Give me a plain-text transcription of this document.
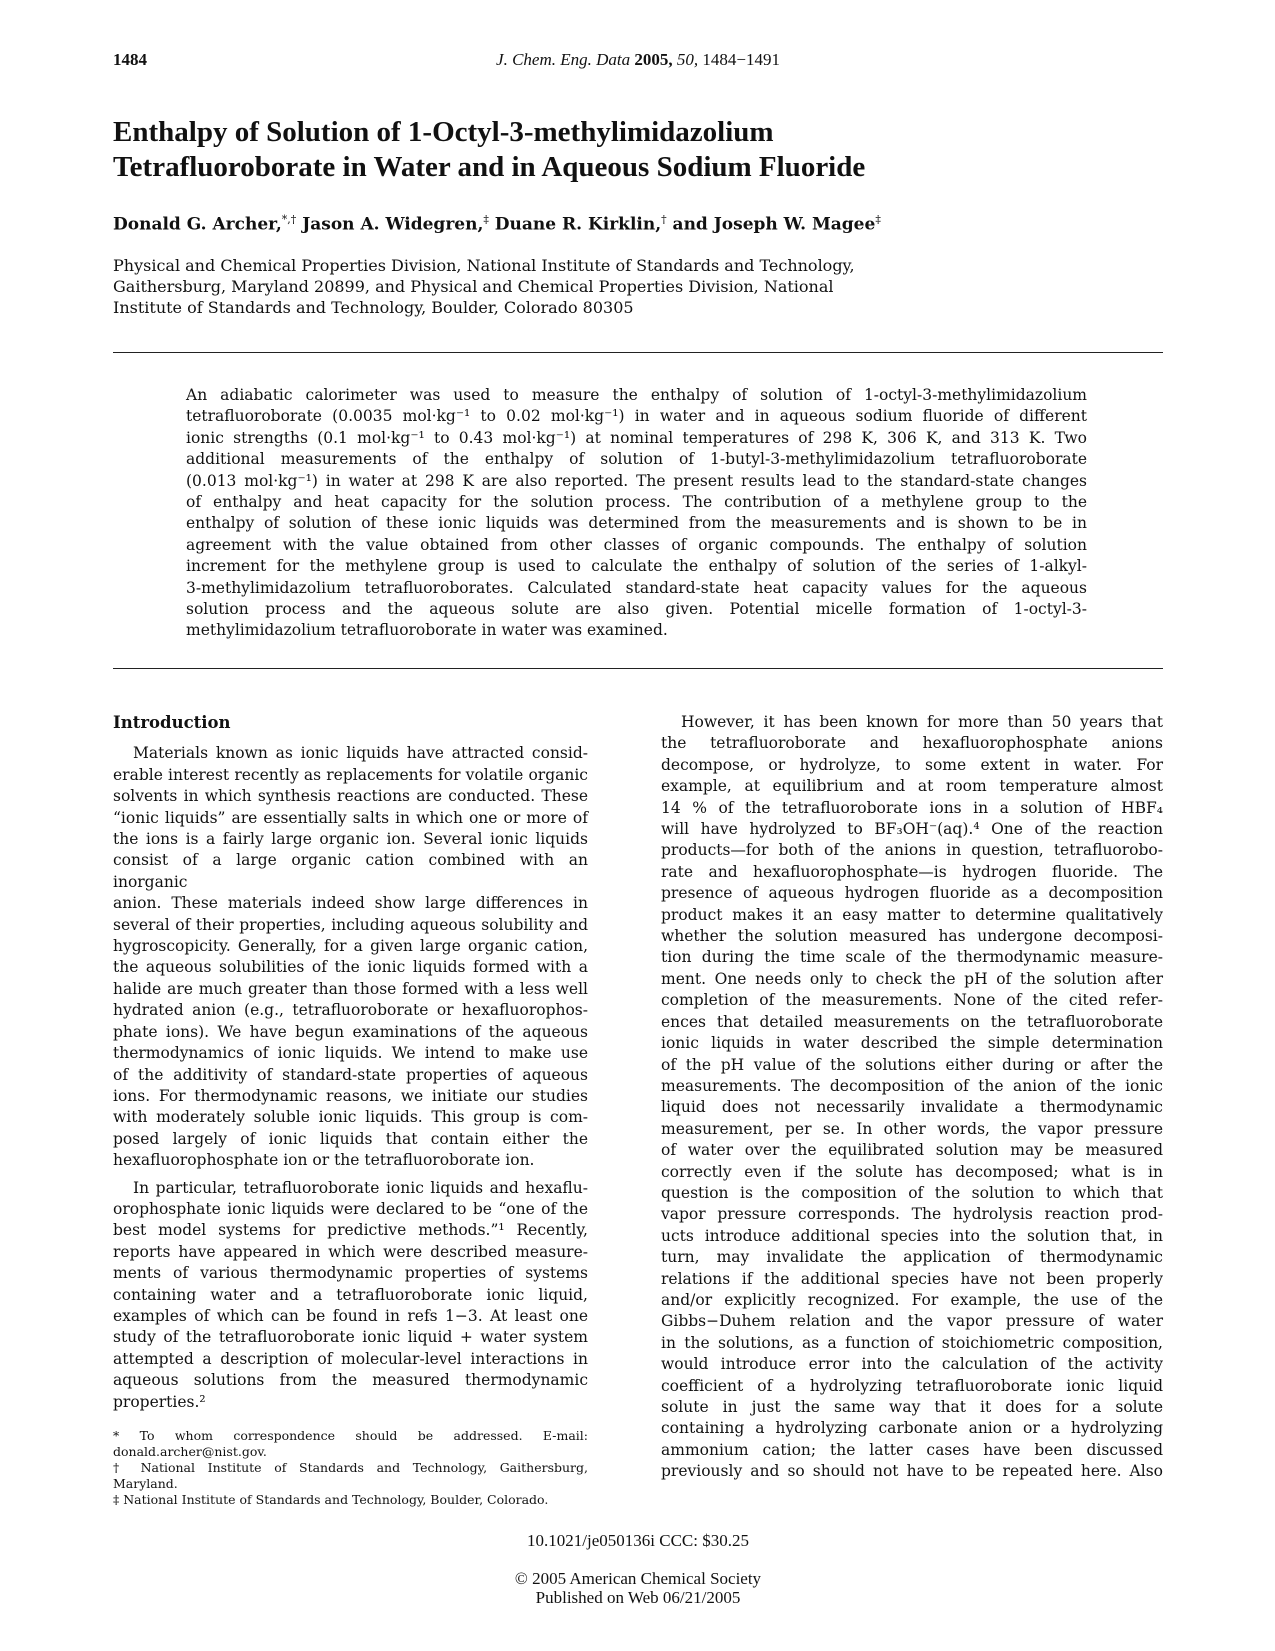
1484	J. Chem. Eng. Data 2005, 50, 1484−1491
Enthalpy of Solution of 1-Octyl-3-methylimidazolium
Tetrafluoroborate in Water and in Aqueous Sodium Fluoride
Donald G. Archer,*,† Jason A. Widegren,‡ Duane R. Kirklin,† and Joseph W. Magee‡
Physical and Chemical Properties Division, National Institute of Standards and Technology,
Gaithersburg, Maryland 20899, and Physical and Chemical Properties Division, National
Institute of Standards and Technology, Boulder, Colorado 80305
An adiabatic calorimeter was used to measure the enthalpy of solution of 1-octyl-3-methylimidazolium
tetrafluoroborate (0.0035 mol·kg⁻¹ to 0.02 mol·kg⁻¹) in water and in aqueous sodium fluoride of different
ionic strengths (0.1 mol·kg⁻¹ to 0.43 mol·kg⁻¹) at nominal temperatures of 298 K, 306 K, and 313 K. Two
additional measurements of the enthalpy of solution of 1-butyl-3-methylimidazolium tetrafluoroborate
(0.013 mol·kg⁻¹) in water at 298 K are also reported. The present results lead to the standard-state changes
of enthalpy and heat capacity for the solution process. The contribution of a methylene group to the
enthalpy of solution of these ionic liquids was determined from the measurements and is shown to be in
agreement with the value obtained from other classes of organic compounds. The enthalpy of solution
increment for the methylene group is used to calculate the enthalpy of solution of the series of 1-alkyl-
3-methylimidazolium tetrafluoroborates. Calculated standard-state heat capacity values for the aqueous
solution process and the aqueous solute are also given. Potential micelle formation of 1-octyl-3-
methylimidazolium tetrafluoroborate in water was examined.
Introduction
Materials known as ionic liquids have attracted consid-
erable interest recently as replacements for volatile organic
solvents in which synthesis reactions are conducted. These
“ionic liquids” are essentially salts in which one or more of
the ions is a fairly large organic ion. Several ionic liquids
consist of a large organic cation combined with an inorganic
anion. These materials indeed show large differences in
several of their properties, including aqueous solubility and
hygroscopicity. Generally, for a given large organic cation,
the aqueous solubilities of the ionic liquids formed with a
halide are much greater than those formed with a less well
hydrated anion (e.g., tetrafluoroborate or hexafluorophos-
phate ions). We have begun examinations of the aqueous
thermodynamics of ionic liquids. We intend to make use
of the additivity of standard-state properties of aqueous
ions. For thermodynamic reasons, we initiate our studies
with moderately soluble ionic liquids. This group is com-
posed largely of ionic liquids that contain either the
hexafluorophosphate ion or the tetrafluoroborate ion.
In particular, tetrafluoroborate ionic liquids and hexaflu-
orophosphate ionic liquids were declared to be “one of the
best model systems for predictive methods.”¹ Recently,
reports have appeared in which were described measure-
ments of various thermodynamic properties of systems
containing water and a tetrafluoroborate ionic liquid,
examples of which can be found in refs 1−3. At least one
study of the tetrafluoroborate ionic liquid + water system
attempted a description of molecular-level interactions in
aqueous solutions from the measured thermodynamic
properties.²
However, it has been known for more than 50 years that
the tetrafluoroborate and hexafluorophosphate anions
decompose, or hydrolyze, to some extent in water. For
example, at equilibrium and at room temperature almost
14 % of the tetrafluoroborate ions in a solution of HBF₄
will have hydrolyzed to BF₃OH⁻(aq).⁴ One of the reaction
products—for both of the anions in question, tetrafluorobo-
rate and hexafluorophosphate—is hydrogen fluoride. The
presence of aqueous hydrogen fluoride as a decomposition
product makes it an easy matter to determine qualitatively
whether the solution measured has undergone decomposi-
tion during the time scale of the thermodynamic measure-
ment. One needs only to check the pH of the solution after
completion of the measurements. None of the cited refer-
ences that detailed measurements on the tetrafluoroborate
ionic liquids in water described the simple determination
of the pH value of the solutions either during or after the
measurements. The decomposition of the anion of the ionic
liquid does not necessarily invalidate a thermodynamic
measurement, per se. In other words, the vapor pressure
of water over the equilibrated solution may be measured
correctly even if the solute has decomposed; what is in
question is the composition of the solution to which that
vapor pressure corresponds. The hydrolysis reaction prod-
ucts introduce additional species into the solution that, in
turn, may invalidate the application of thermodynamic
relations if the additional species have not been properly
and/or explicitly recognized. For example, the use of the
Gibbs−Duhem relation and the vapor pressure of water
in the solutions, as a function of stoichiometric composition,
would introduce error into the calculation of the activity
coefficient of a hydrolyzing tetrafluoroborate ionic liquid
solute in just the same way that it does for a solute
containing a hydrolyzing carbonate anion or a hydrolyzing
ammonium cation; the latter cases have been discussed
previously and so should not have to be repeated here. Also
* To whom correspondence should be addressed. E-mail:
donald.archer@nist.gov.
† National Institute of Standards and Technology, Gaithersburg,
Maryland.
‡ National Institute of Standards and Technology, Boulder, Colorado.
10.1021/je050136i CCC: $30.25
© 2005 American Chemical Society
Published on Web 06/21/2005
